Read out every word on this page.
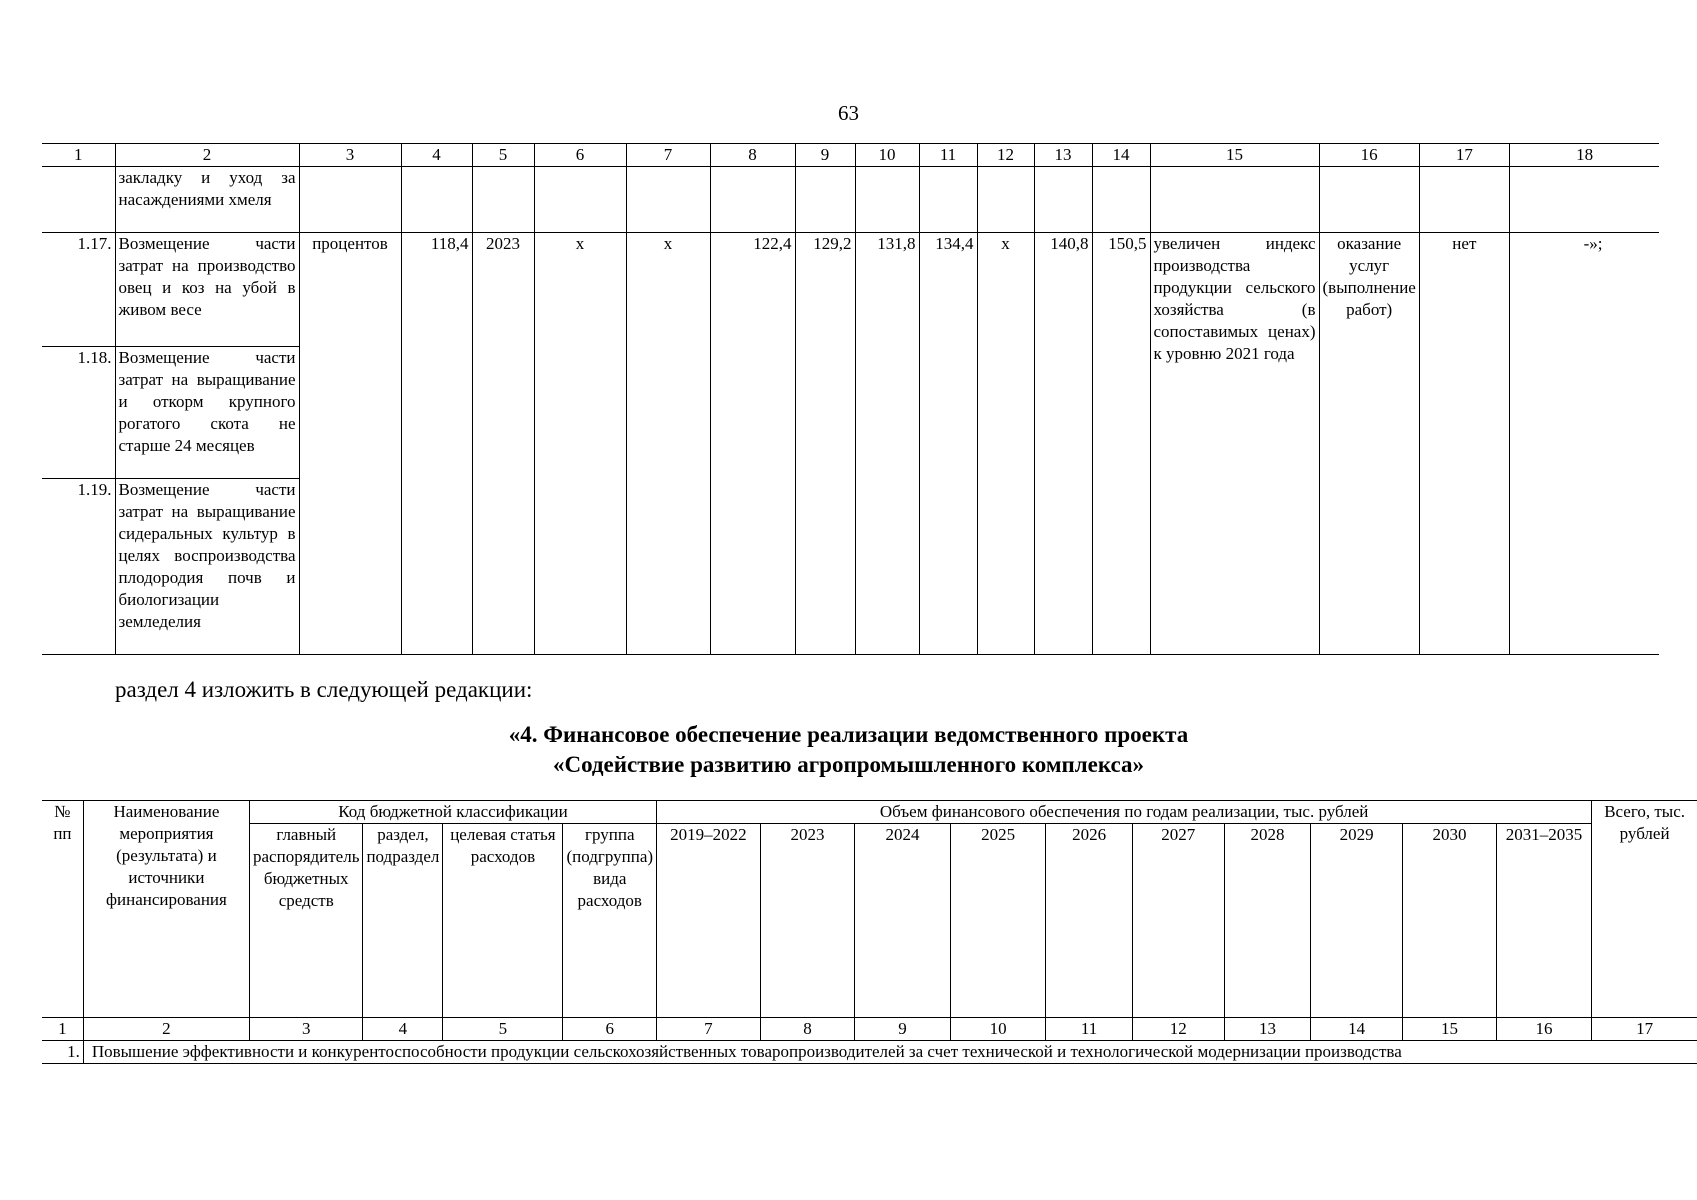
63
1	2	3	4	5	6	7	8	9	10	11	12	13	14	15	16	17	18
	закладку и уход за насаждениями хмеля																
1.17.	Возмещение части затрат на производство овец и коз на убой в живом весе	процентов	118,4	2023	х	х	122,4	129,2	131,8	134,4	х	140,8	150,5	увеличен индекс производства продукции сельского хозяйства (в сопоставимых ценах) к уровню 2021 года	оказание услуг (выполнение работ)	нет	-»;
1.18.	Возмещение части затрат на выращивание и откорм крупного рогатого скота не старше 24 месяцев																
1.19.	Возмещение части затрат на выращивание сидеральных культур в целях воспроизводства плодородия почв и биологизации земледелия																
раздел 4 изложить в следующей редакции:
«4. Финансовое обеспечение реализации ведомственного проекта
«Содействие развитию агропромышленного комплекса»
№ пп	Наименование мероприятия (результата) и источники финансирования	Код бюджетной классификации				Объем финансового обеспечения по годам реализации, тыс. рублей										Всего, тыс. рублей
		главный распорядитель бюджетных средств	раздел, подраздел	целевая статья расходов	группа (подгруппа) вида расходов	2019–2022	2023	2024	2025	2026	2027	2028	2029	2030	2031–2035	
1	2	3	4	5	6	7	8	9	10	11	12	13	14	15	16	17
1.	Повышение эффективности и конкурентоспособности продукции сельскохозяйственных товаропроизводителей за счет технической и технологической модернизации производства															
